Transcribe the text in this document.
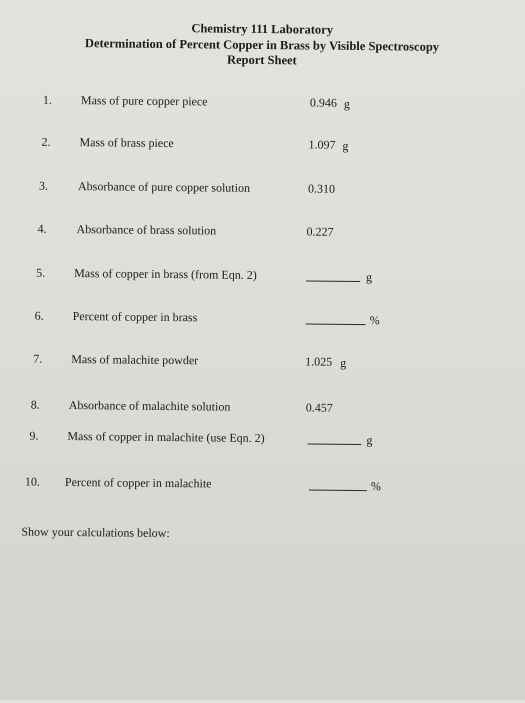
Chemistry 111 Laboratory
Determination of Percent Copper in Brass by Visible Spectroscopy
Report Sheet
1. Mass of pure copper piece	0.946 g
2. Mass of brass piece	1.097 g
3. Absorbance of pure copper solution	0.310
4. Absorbance of brass solution	0.227
5. Mass of copper in brass (from Eqn. 2)	g
6. Percent of copper in brass	%
7. Mass of malachite powder	1.025 g
8. Absorbance of malachite solution	0.457
9. Mass of copper in malachite (use Eqn. 2)	g
10. Percent of copper in malachite	%
Show your calculations below:
